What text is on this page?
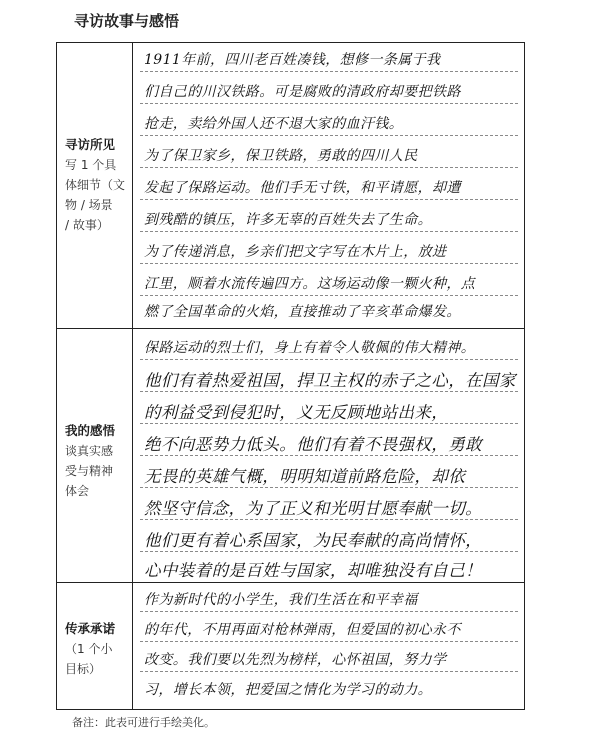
寻访故事与感悟
寻访所见
写 1 个具
体细节（文
物 / 场景
/ 故事）
1911年前，四川老百姓凑钱，想修一条属于我
们自己的川汉铁路。可是腐败的清政府却要把铁路
抢走，卖给外国人还不退大家的血汗钱。
为了保卫家乡，保卫铁路，勇敢的四川人民
发起了保路运动。他们手无寸铁，和平请愿，却遭
到残酷的镇压，许多无辜的百姓失去了生命。
为了传递消息，乡亲们把文字写在木片上，放进
江里，顺着水流传遍四方。这场运动像一颗火种，点
燃了全国革命的火焰，直接推动了辛亥革命爆发。
我的感悟
谈真实感
受与精神
体会
保路运动的烈士们，身上有着令人敬佩的伟大精神。
他们有着热爱祖国，捍卫主权的赤子之心，在国家
的利益受到侵犯时，义无反顾地站出来，
绝不向恶势力低头。他们有着不畏强权，勇敢
无畏的英雄气概，明明知道前路危险，却依
然坚守信念，为了正义和光明甘愿奉献一切。
他们更有着心系国家，为民奉献的高尚情怀，
心中装着的是百姓与国家，却唯独没有自己！
传承承诺
（1 个小
目标）
作为新时代的小学生，我们生活在和平幸福
的年代，不用再面对枪林弹雨，但爱国的初心永不
改变。我们要以先烈为榜样，心怀祖国，努力学
习，增长本领，把爱国之情化为学习的动力。
备注：此表可进行手绘美化。
